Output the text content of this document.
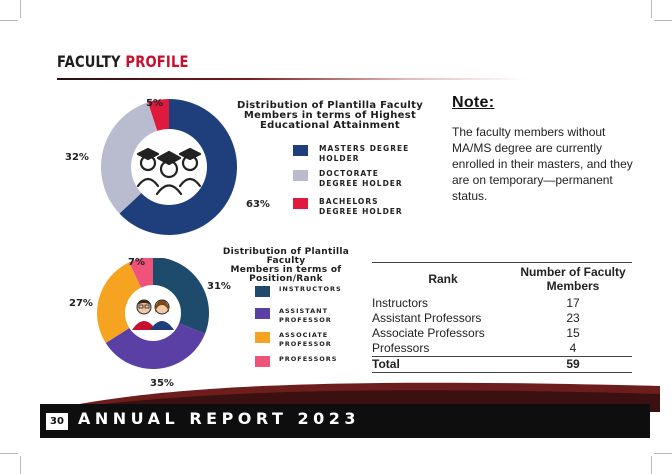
FACULTY PROFILE
5%
32%
63%
Distribution of Plantilla Faculty
Members in terms of Highest
Educational Attainment
MASTERS DEGREE HOLDER
DOCTORATE DEGREE HOLDER
BACHELORS DEGREE HOLDER
Note:
The faculty members without MA/MS degree are currently enrolled in their masters, and they are on temporary—permanent status.
7%
31%
27%
35%
Distribution of Plantilla Faculty
Members in terms of
Position/Rank
INSTRUCTORS
ASSISTANT PROFESSOR
ASSOCIATE PROFESSOR
PROFESSORS
Rank	Number of Faculty Members
Instructors	17
Assistant Professors	23
Associate Professors	15
Professors	4
Total	59
30 ANNUAL REPORT 2023
